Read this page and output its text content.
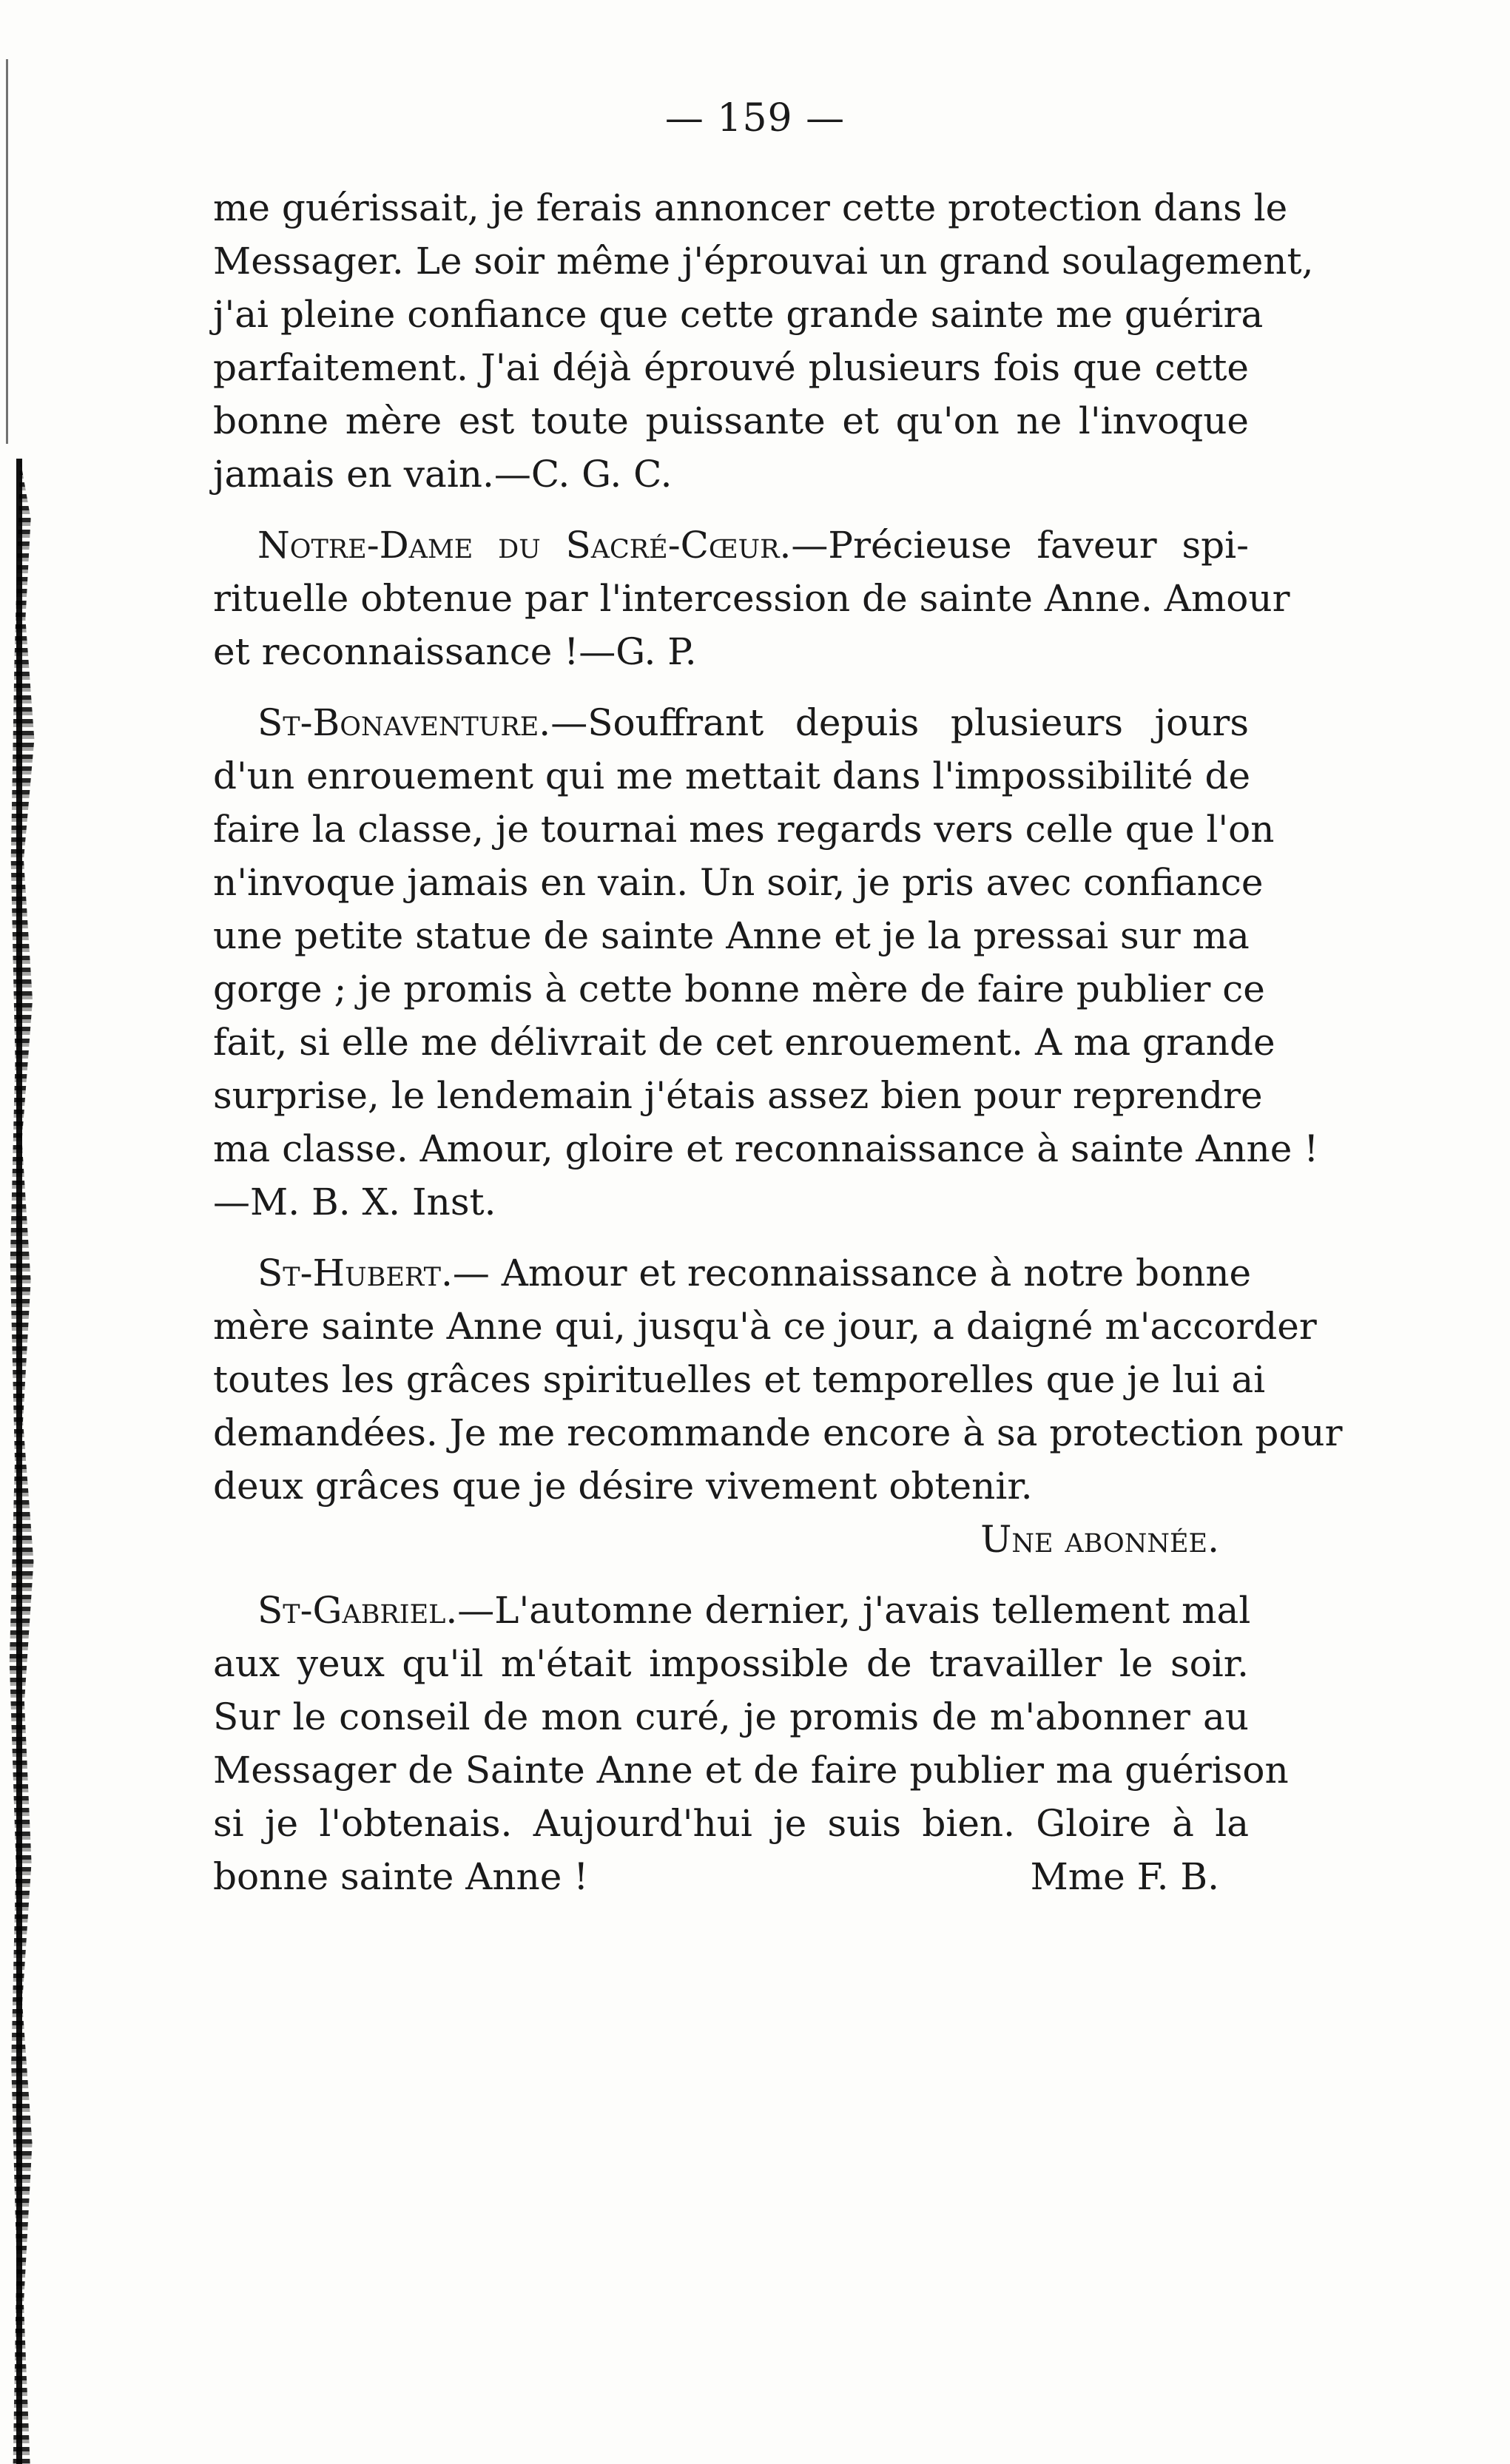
— 159 —
me guérissait, je ferais annoncer cette protection dans le
Messager. Le soir même j'éprouvai un grand soulagement,
j'ai pleine confiance que cette grande sainte me guérira
parfaitement. J'ai déjà éprouvé plusieurs fois que cette
bonne mère est toute puissante et qu'on ne l'invoque
jamais en vain.—C. G. C.
Notre-Dame du Sacré-Cœur.—Précieuse faveur spi-
rituelle obtenue par l'intercession de sainte Anne. Amour
et reconnaissance !—G. P.
St-Bonaventure.—Souffrant depuis plusieurs jours
d'un enrouement qui me mettait dans l'impossibilité de
faire la classe, je tournai mes regards vers celle que l'on
n'invoque jamais en vain. Un soir, je pris avec confiance
une petite statue de sainte Anne et je la pressai sur ma
gorge ; je promis à cette bonne mère de faire publier ce
fait, si elle me délivrait de cet enrouement. A ma grande
surprise, le lendemain j'étais assez bien pour reprendre
ma classe. Amour, gloire et reconnaissance à sainte Anne !
—M. B. X. Inst.
St-Hubert.— Amour et reconnaissance à notre bonne
mère sainte Anne qui, jusqu'à ce jour, a daigné m'accorder
toutes les grâces spirituelles et temporelles que je lui ai
demandées. Je me recommande encore à sa protection pour
deux grâces que je désire vivement obtenir.
Une abonnée.
St-Gabriel.—L'automne dernier, j'avais tellement mal
aux yeux qu'il m'était impossible de travailler le soir.
Sur le conseil de mon curé, je promis de m'abonner au
Messager de Sainte Anne et de faire publier ma guérison
si je l'obtenais. Aujourd'hui je suis bien. Gloire à la
bonne sainte Anne !	Mme F. B.
